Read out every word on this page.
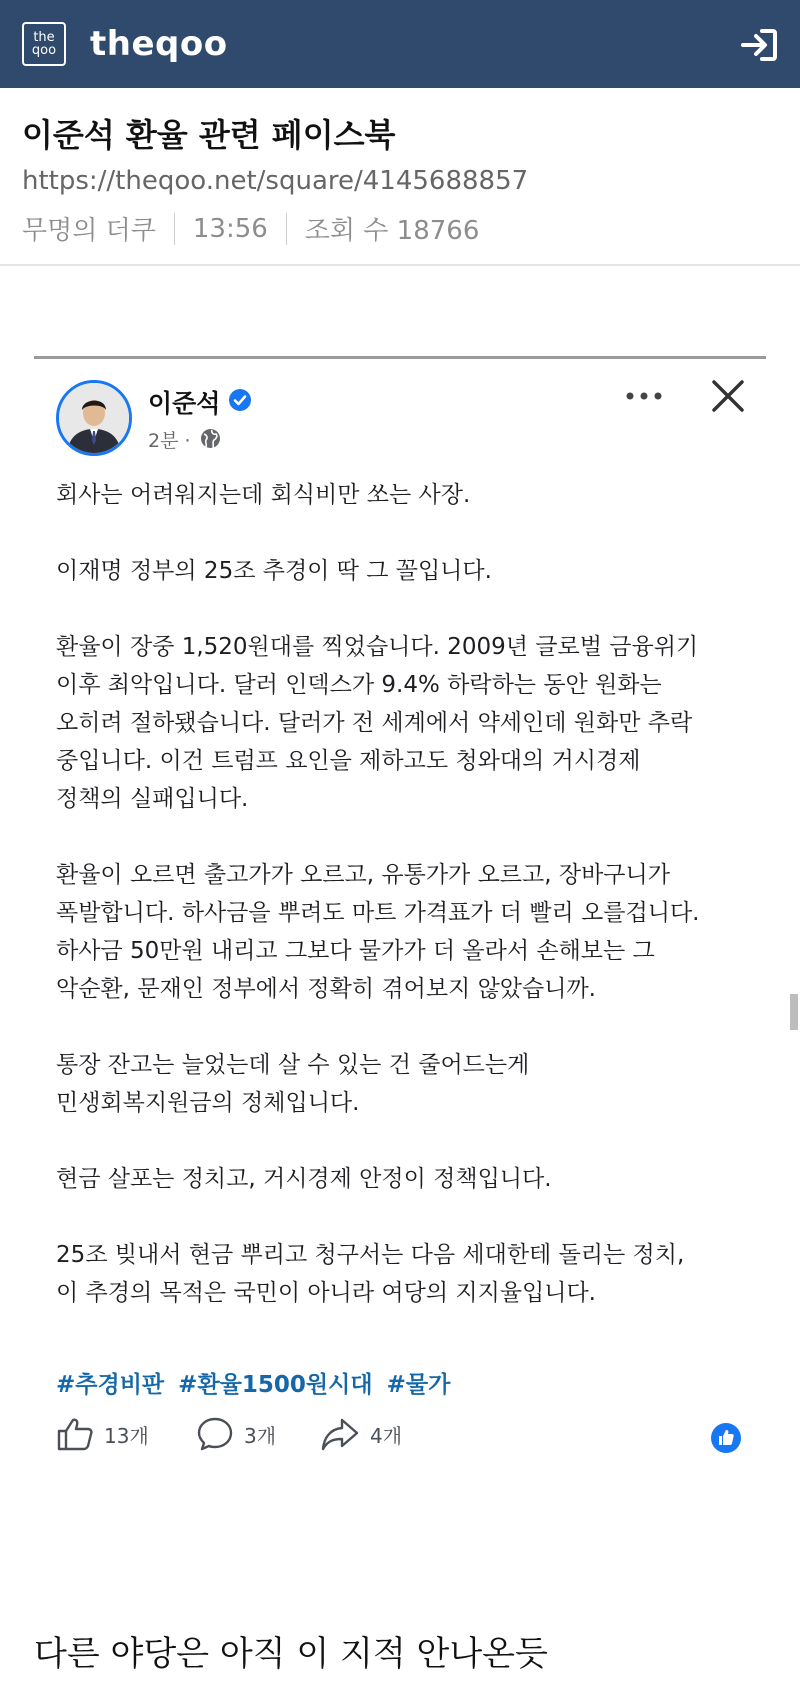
the
qoo theqoo
이준석 환율 관련 페이스북
https://theqoo.net/square/4145688857
무명의 더쿠 13:56 조회 수 18766
이준석
2분 ·
회사는 어려워지는데 회식비만 쏘는 사장.
이재명 정부의 25조 추경이 딱 그 꼴입니다.
환율이 장중 1,520원대를 찍었습니다. 2009년 글로벌 금융위기
이후 최악입니다. 달러 인덱스가 9.4% 하락하는 동안 원화는
오히려 절하됐습니다. 달러가 전 세계에서 약세인데 원화만 추락
중입니다. 이건 트럼프 요인을 제하고도 청와대의 거시경제
정책의 실패입니다.
환율이 오르면 출고가가 오르고, 유통가가 오르고, 장바구니가
폭발합니다. 하사금을 뿌려도 마트 가격표가 더 빨리 오를겁니다.
하사금 50만원 내리고 그보다 물가가 더 올라서 손해보는 그
악순환, 문재인 정부에서 정확히 겪어보지 않았습니까.
통장 잔고는 늘었는데 살 수 있는 건 줄어드는게
민생회복지원금의 정체입니다.
현금 살포는 정치고, 거시경제 안정이 정책입니다.
25조 빚내서 현금 뿌리고 청구서는 다음 세대한테 돌리는 정치,
이 추경의 목적은 국민이 아니라 여당의 지지율입니다.
#추경비판 #환율1500원시대 #물가
13개	3개	4개
다른 야당은 아직 이 지적 안나온듯
